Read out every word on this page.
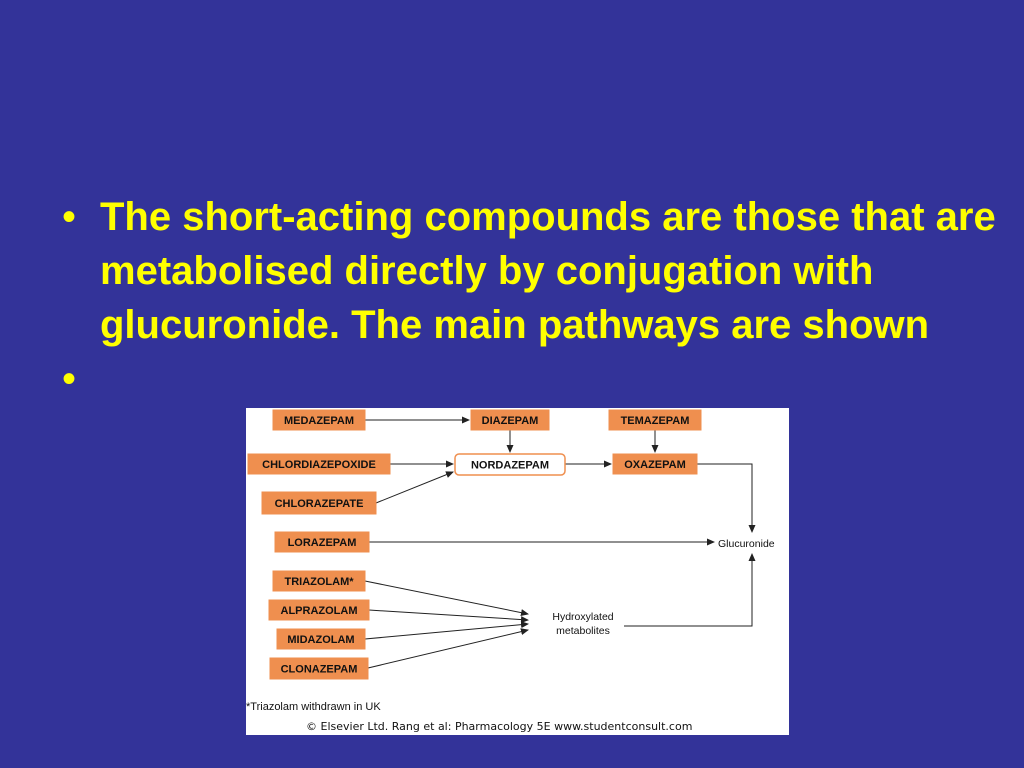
• The short-acting compounds are those that are metabolised directly by conjugation with glucuronide. The main pathways are shown
•
MEDAZEPAM	DIAZEPAM	TEMAZEPAM
CHLORDIAZEPOXIDE	NORDAZEPAM	OXAZEPAM
CHLORAZEPATE
LORAZEPAM	Glucuronide
TRIAZOLAM*
ALPRAZOLAM
MIDAZOLAM
CLONAZEPAM
Hydroxylated
metabolites
*Triazolam withdrawn in UK
© Elsevier Ltd. Rang et al: Pharmacology 5E www.studentconsult.com
